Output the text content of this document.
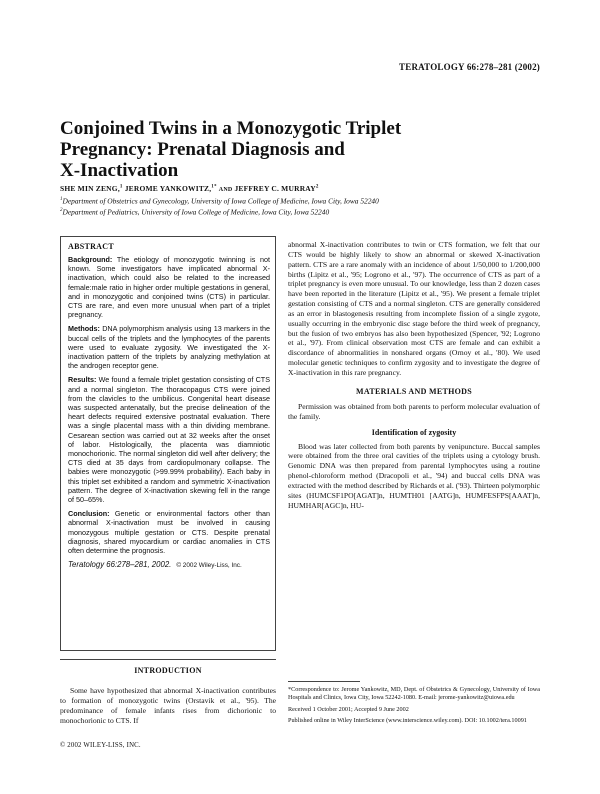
TERATOLOGY 66:278–281 (2002)
Conjoined Twins in a Monozygotic Triplet
Pregnancy: Prenatal Diagnosis and
X-Inactivation
SHE MIN ZENG,$^1$ JEROME YANKOWITZ,$^{1*}$ AND JEFFREY C. MURRAY$^2$
$^1$Department of Obstetrics and Gynecology, University of Iowa College of Medicine, Iowa City, Iowa 52240
$^2$Department of Pediatrics, University of Iowa College of Medicine, Iowa City, Iowa 52240
ABSTRACT

Background: The etiology of monozygotic twinning is not known. Some investigators have implicated abnormal X-inactivation, which could also be related to the increased female:male ratio in higher order multiple gestations in general, and in monozygotic and conjoined twins (CTS) in particular. CTS are rare, and even more unusual when part of a triplet pregnancy.

Methods: DNA polymorphism analysis using 13 markers in the buccal cells of the triplets and the lymphocytes of the parents were used to evaluate zygosity. We investigated the X-inactivation pattern of the triplets by analyzing methylation at the androgen receptor gene.

Results: We found a female triplet gestation consisting of CTS and a normal singleton. The thoracopagus CTS were joined from the clavicles to the umbilicus. Congenital heart disease was suspected antenatally, but the precise delineation of the heart defects required extensive postnatal evaluation. There was a single placental mass with a thin dividing membrane. Cesarean section was carried out at 32 weeks after the onset of labor. Histologically, the placenta was diamniotic monochorionic. The normal singleton did well after delivery; the CTS died at 35 days from cardiopulmonary collapse. The babies were monozygotic (>99.99% probability). Each baby in this triplet set exhibited a random and symmetric X-inactivation pattern. The degree of X-inactivation skewing fell in the range of 50–65%.

Conclusion: Genetic or environmental factors other than abnormal X-inactivation must be involved in causing monozygous multiple gestation or CTS. Despite prenatal diagnosis, shared myocardium or cardiac anomalies in CTS often determine the prognosis.

Teratology 66:278–281, 2002. © 2002 Wiley-Liss, Inc.
INTRODUCTION

Some have hypothesized that abnormal X-inactivation contributes to formation of monozygotic twins (Orstavik et al., '95). The predominance of female infants rises from dichorionic to monochorionic to CTS. If

© 2002 WILEY-LISS, INC.

abnormal X-inactivation contributes to twin or CTS formation, we felt that our CTS would be highly likely to show an abnormal or skewed X-inactivation pattern. CTS are a rare anomaly with an incidence of about 1/50,000 to 1/200,000 births (Lipitz et al., '95; Logrono et al., '97). The occurrence of CTS as part of a triplet pregnancy is even more unusual. To our knowledge, less than 2 dozen cases have been reported in the literature (Lipitz et al., '95). We present a female triplet gestation consisting of CTS and a normal singleton. CTS are generally considered as an error in blastogenesis resulting from incomplete fission of a single zygote, usually occurring in the embryonic disc stage before the third week of pregnancy, but the fusion of two embryos has also been hypothesized (Spencer, '92; Logrono et al., '97). From clinical observation most CTS are female and can exhibit a discordance of abnormalities in nonshared organs (Ornoy et al., '80). We used molecular genetic techniques to confirm zygosity and to investigate the degree of X-inactivation in this rare pregnancy.

MATERIALS AND METHODS

Permission was obtained from both parents to perform molecular evaluation of the family.

Identification of zygosity

Blood was later collected from both parents by venipuncture. Buccal samples were obtained from the three oral cavities of the triplets using a cytology brush. Genomic DNA was then prepared from parental lymphocytes using a routine phenol-chloroform method (Dracopoli et al., '94) and buccal cells DNA was extracted with the method described by Richards et al. ('93). Thirteen polymorphic sites (HUMCSF1PO[AGAT]n, HUMTH01 [AATG]n, HUMFESFPS[AAAT]n, HUMHAR[AGC]n, HU-

*Correspondence to: Jerome Yankowitz, MD, Dept. of Obstetrics & Gynecology, University of Iowa Hospitals and Clinics, Iowa City, Iowa 52242-1080. E-mail: jerome-yankowitz@uiowa.edu

Received 1 October 2001; Accepted 9 June 2002

Published online in Wiley InterScience (www.interscience.wiley.com). DOI: 10.1002/tera.10091
